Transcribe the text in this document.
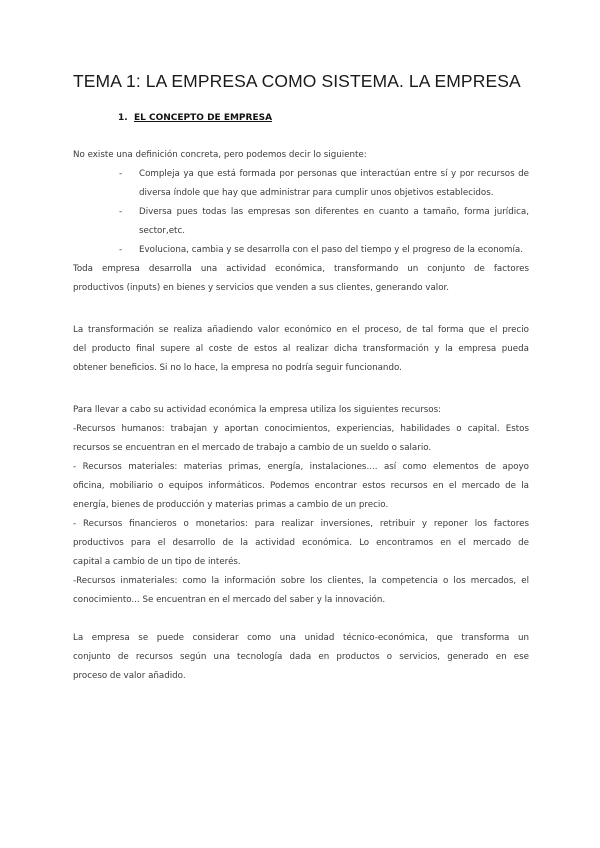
TEMA 1: LA EMPRESA COMO SISTEMA. LA EMPRESA
1. EL CONCEPTO DE EMPRESA

No existe una definición concreta, pero podemos decir lo siguiente:

- Compleja ya que está formada por personas que interactúan entre sí y por recursos de
diversa índole que hay que administrar para cumplir unos objetivos establecidos.
- Diversa pues todas las empresas son diferentes en cuanto a tamaño, forma jurídica,
sector,etc.
- Evoluciona, cambia y se desarrolla con el paso del tiempo y el progreso de la economía.

Toda empresa desarrolla una actividad económica, transformando un conjunto de factores
productivos (inputs) en bienes y servicios que venden a sus clientes, generando valor.

La transformación se realiza añadiendo valor económico en el proceso, de tal forma que el precio
del producto final supere al coste de estos al realizar dicha transformación y la empresa pueda
obtener beneficios. Si no lo hace, la empresa no podría seguir funcionando.

Para llevar a cabo su actividad económica la empresa utiliza los siguientes recursos:
-Recursos humanos: trabajan y aportan conocimientos, experiencias, habilidades o capital. Estos
recursos se encuentran en el mercado de trabajo a cambio de un sueldo o salario.
- Recursos materiales: materias primas, energía, instalaciones.... así como elementos de apoyo
oficina, mobiliario o equipos informáticos. Podemos encontrar estos recursos en el mercado de la
energía, bienes de producción y materias primas a cambio de un precio.
- Recursos financieros o monetarios: para realizar inversiones, retribuir y reponer los factores
productivos para el desarrollo de la actividad económica. Lo encontramos en el mercado de
capital a cambio de un tipo de interés.
-Recursos inmateriales: como la información sobre los clientes, la competencia o los mercados, el
conocimiento... Se encuentran en el mercado del saber y la innovación.

La empresa se puede considerar como una unidad técnico-económica, que transforma un
conjunto de recursos según una tecnología dada en productos o servicios, generado en ese
proceso de valor añadido.
